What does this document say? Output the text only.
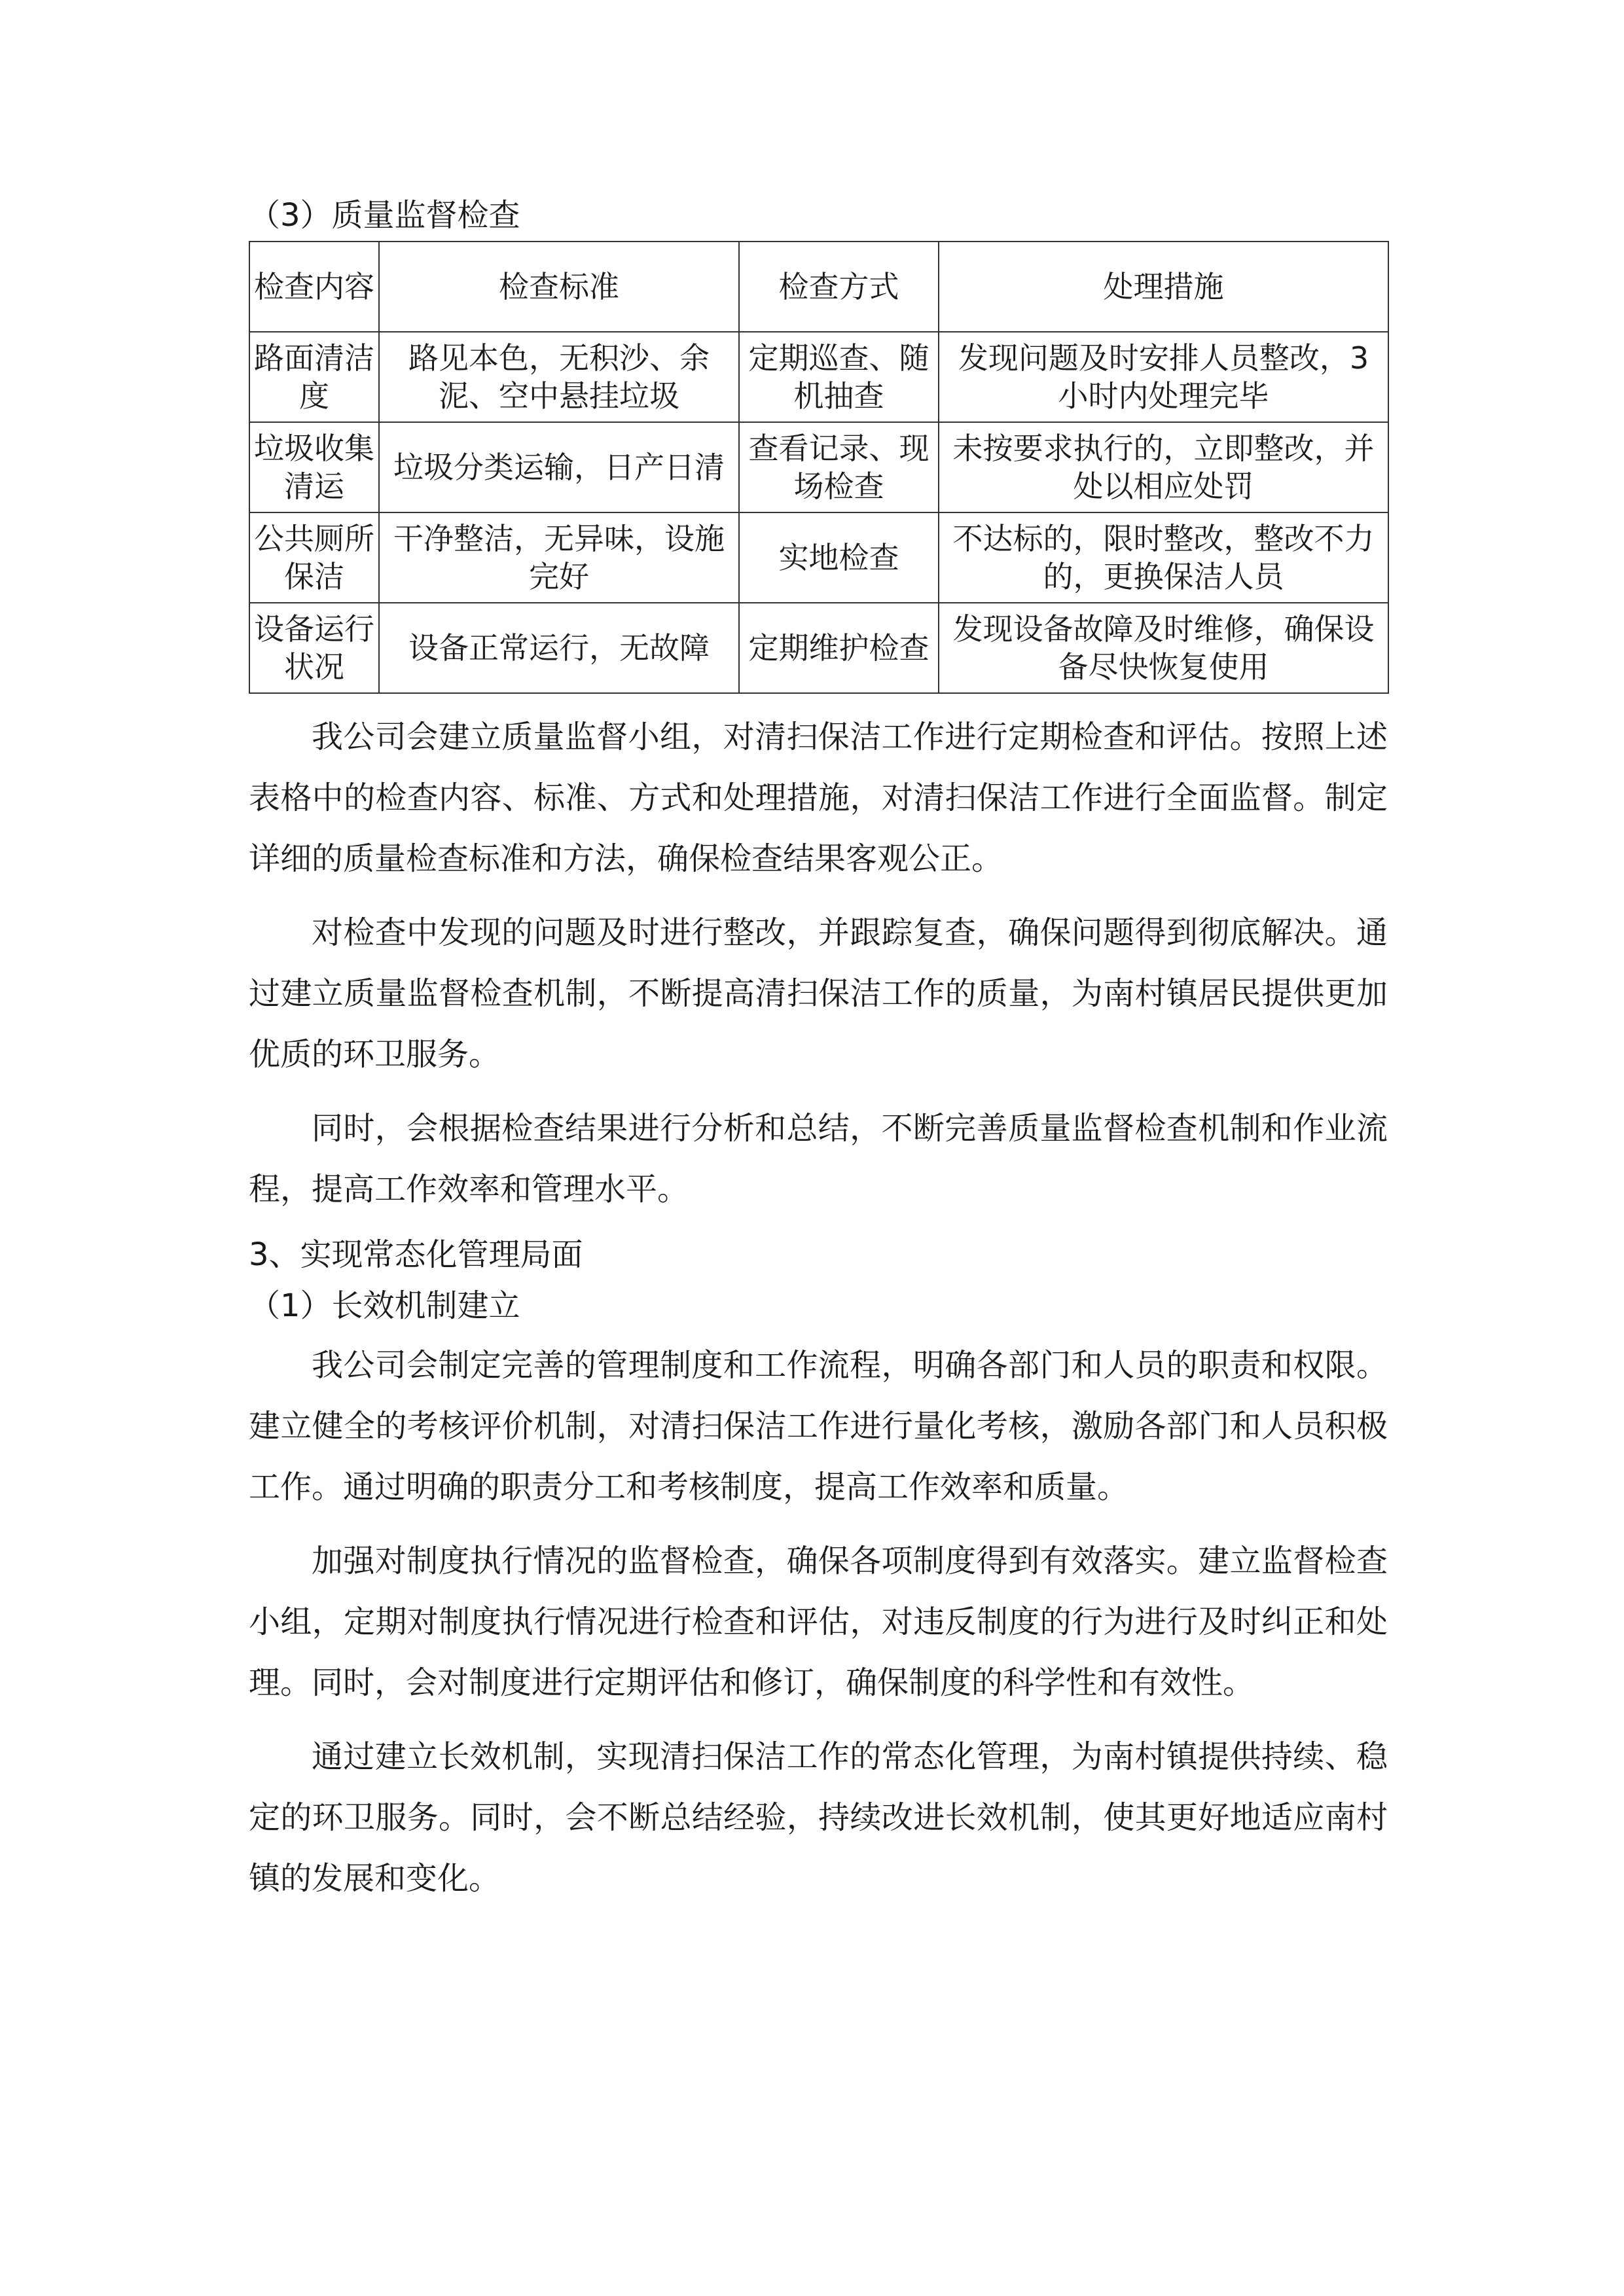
（3）质量监督检查

检查内容	检查标准	检查方式	处理措施
路面清洁度	路见本色，无积沙、余泥、空中悬挂垃圾	定期巡查、随机抽查	发现问题及时安排人员整改，3 小时内处理完毕
垃圾收集清运	垃圾分类运输，日产日清	查看记录、现场检查	未按要求执行的，立即整改，并处以相应处罚
公共厕所保洁	干净整洁，无异味，设施完好	实地检查	不达标的，限时整改，整改不力的，更换保洁人员
设备运行状况	设备正常运行，无故障	定期维护检查	发现设备故障及时维修，确保设备尽快恢复使用

我公司会建立质量监督小组，对清扫保洁工作进行定期检查和评估。按照上述表格中的检查内容、标准、方式和处理措施，对清扫保洁工作进行全面监督。制定详细的质量检查标准和方法，确保检查结果客观公正。

对检查中发现的问题及时进行整改，并跟踪复查，确保问题得到彻底解决。通过建立质量监督检查机制，不断提高清扫保洁工作的质量，为南村镇居民提供更加优质的环卫服务。

同时，会根据检查结果进行分析和总结，不断完善质量监督检查机制和作业流程，提高工作效率和管理水平。

3、实现常态化管理局面

（1）长效机制建立

我公司会制定完善的管理制度和工作流程，明确各部门和人员的职责和权限。建立健全的考核评价机制，对清扫保洁工作进行量化考核，激励各部门和人员积极工作。通过明确的职责分工和考核制度，提高工作效率和质量。

加强对制度执行情况的监督检查，确保各项制度得到有效落实。建立监督检查小组，定期对制度执行情况进行检查和评估，对违反制度的行为进行及时纠正和处理。同时，会对制度进行定期评估和修订，确保制度的科学性和有效性。

通过建立长效机制，实现清扫保洁工作的常态化管理，为南村镇提供持续、稳定的环卫服务。同时，会不断总结经验，持续改进长效机制，使其更好地适应南村镇的发展和变化。
